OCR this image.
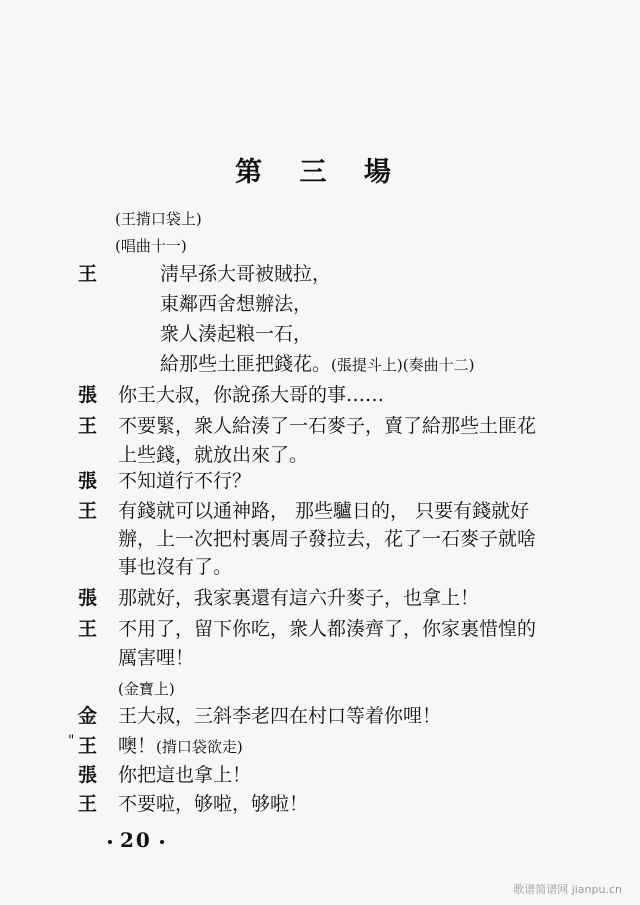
第 三 場
(王揹口袋上)
(唱曲十一)
王	淸早孫大哥被賊拉，
東鄰西舍想辦法，
衆人湊起粮一石，
給那些土匪把錢花。(張提斗上)(奏曲十二)
張 你王大叔，你說孫大哥的事……
王 不要緊，衆人給湊了一石麥子，賣了給那些土匪花
上些錢，就放出來了。
張 不知道行不行？
王 有錢就可以通神路， 那些驢日的， 只要有錢就好
辦，上一次把村裏周子發拉去，花了一石麥子就啥
事也沒有了。
張 那就好，我家裏還有這六升麥子，也拿上！
王 不用了，留下你吃，衆人都湊齊了，你家裏惜惶的
厲害哩！
(金寶上)
金 王大叔，三斜李老四在村口等着你哩！
" 王 噢！(揹口袋欲走)
張 你把這也拿上！
王 不要啦，够啦，够啦！
20
歌谱简谱网 jianpu.cn
